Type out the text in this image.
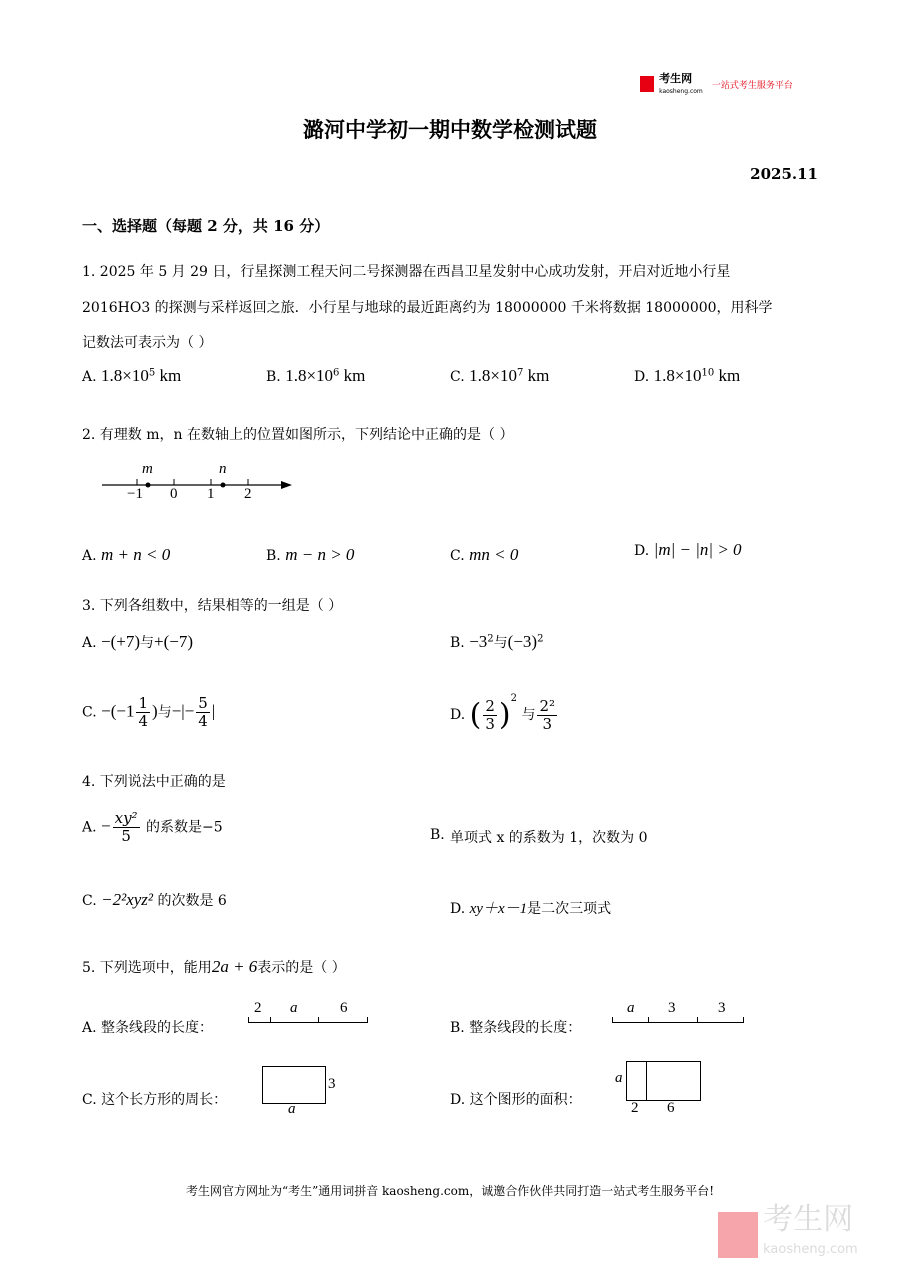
考生网
kaosheng.com 一站式考生服务平台
潞河中学初一期中数学检测试题
2025.11
一、选择题（每题 2 分，共 16 分）
1. 2025 年 5 月 29 日，行星探测工程天问二号探测器在西昌卫星发射中心成功发射，开启对近地小行星
2016HO3 的探测与采样返回之旅．小行星与地球的最近距离约为 18000000 千米将数据 18000000，用科学
记数法可表示为（ ）
A. $1.8\times 10^5$ km	B. $1.8\times 10^6$ km	C. $1.8\times 10^7$ km	D. $1.8\times 10^{10}$ km
2. 有理数 m，n 在数轴上的位置如图所示，下列结论中正确的是（ ）
m	n
−1 0 1 2
A. m + n < 0	B. m − n > 0	C. mn < 0	D. |m| − |n| > 0
3. 下列各组数中，结果相等的一组是（ ）
A. −(+7)与+(−7)	B. $-3^2$与$(-3)^2$
C. $-(-1 \frac{1}{4}$ )与−|− $\frac{5}{4}$ |	D. ( $\frac{2}{3} )^2$ 与 $\frac{\text{2²}}{3}$
4. 下列说法中正确的是
A. − $\frac{\text{xy²}}{5}$ 的系数是−5
单项式 x 的系数为 1，次数为 0
B.
C. −2²xyz² 的次数是 6	D. xy＋x－1是二次三项式
5. 下列选项中，能用2a + 6表示的是（ ）
A. 整条线段的长度：
2 a	6
B. 整条线段的长度：
a 3	3
C. 这个长方形的周长：
3
a
D. 这个图形的面积：
a
2 6
考生网官方网址为“考生”通用词拼音 kaosheng.com，诚邀合作伙伴共同打造一站式考生服务平台!
考生网
kaosheng.com
